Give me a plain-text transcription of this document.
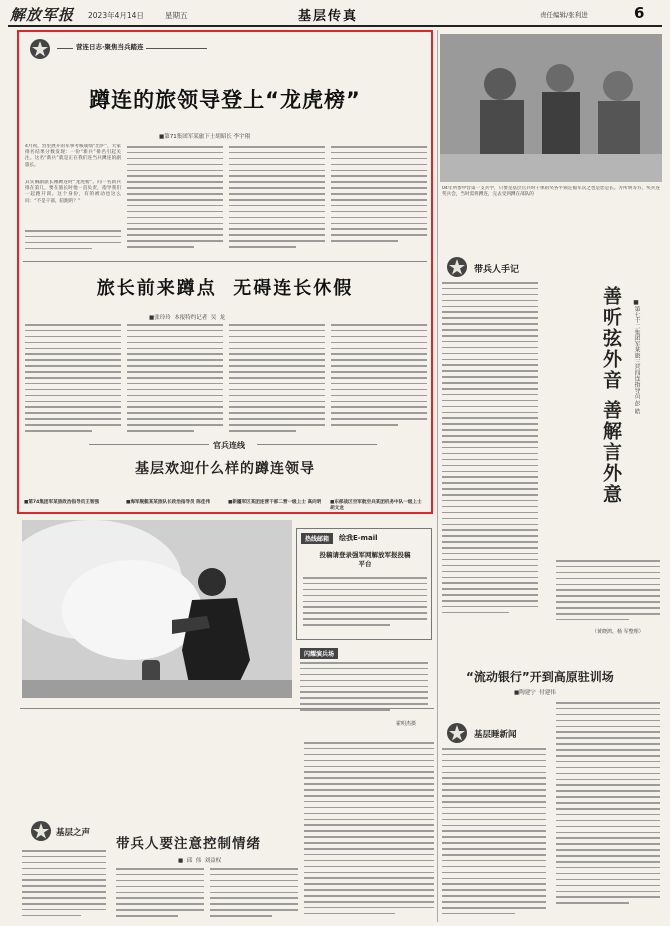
解放军报 2023年4月14日	星期五	基层传真	责任编辑/张利进	6
营连日志·聚焦当兵踏连
蹲连的旅领导登上“龙虎榜”
■第71集团军某旅下士胡昭长 李宇翔
4月初，营里展开的军事考核成绩“出炉”，大家排名结果分数发现：一份“新兵”排名引起关注。这名“新兵”就是正在我们连当兵蹲连的副旅长。
其实胸副旅长刚蹲连时“龙虎榜”。问一名新兵排在第几，要在旅长时他一直负责，指导我们一起跑开训。这个身份，有的被动也这么问：“不是干部，陪跑的？”
旅长前来蹲点  无碍连长休假
■张玲玲  本报特约记者  吴  龙
官兵连线
基层欢迎什么样的蹲连领导
■第74集团军某旅政治指导员王智强	■海军舰艇某某旅队长政治指导员 陈佳伟	■新疆军区某团连营干部二营一级上士 高向明	■东部战区空军航空兵某团机务中队一级上士 胡文龙
04年所参中营第一支兵学，只要是基层官兵时干体的奖各平频定福军次之也是您是长。方所明等方、奖兵连奖兵会，当时需将蹲连，完去受到蹲在部队的
带兵人手记
善听弦外音 善解言外意 ■第七十二集团军某旅三营四连指导员 彭 皓
（黄晓鸿、杨 军整理）
热线邮箱	绘我E-mail
投稿请登录强军网解放军报投稿平台
闪耀演兵场
霍明杰摄
“流动银行”开到高原驻训场
■陶建宁  付建伟
基层睡新闻
基层之声
带兵人要注意控制情绪
■  邱  伟  刘益权
